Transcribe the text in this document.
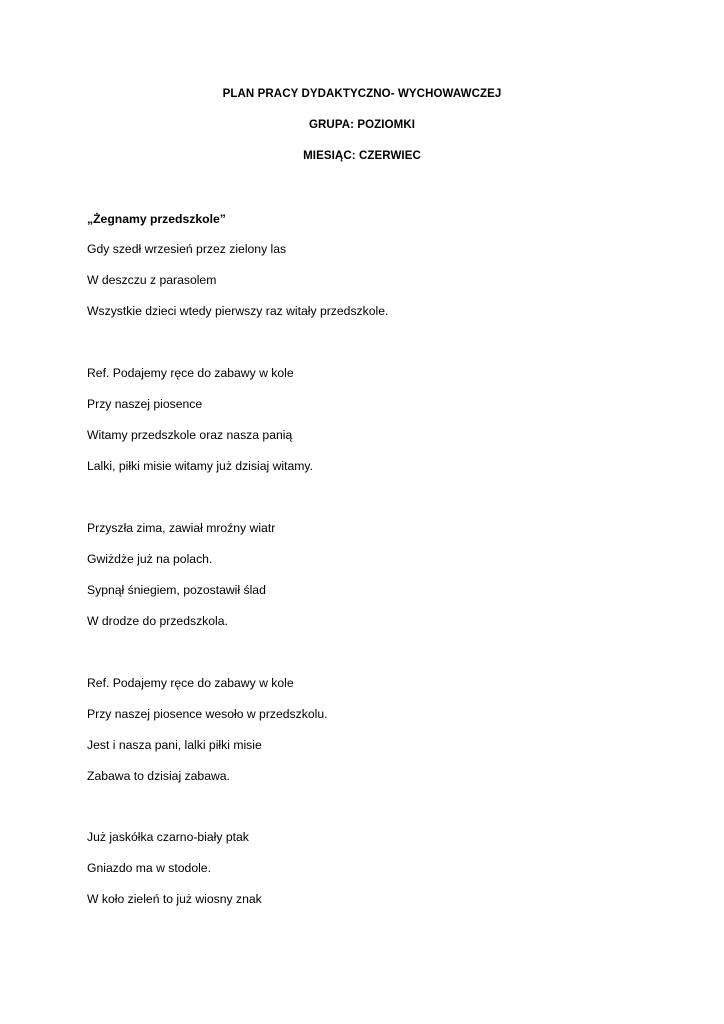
PLAN PRACY DYDAKTYCZNO- WYCHOWAWCZEJ
GRUPA: POZIOMKI
MIESIĄC: CZERWIEC
„Żegnamy przedszkole”
Gdy szedł wrzesień przez zielony las
W deszczu z parasolem
Wszystkie dzieci wtedy pierwszy raz witały przedszkole.
Ref. Podajemy ręce do zabawy w kole
Przy naszej piosence
Witamy przedszkole oraz nasza panią
Lalki, piłki misie witamy już dzisiaj witamy.
Przyszła zima, zawiał mroźny wiatr
Gwiżdże już na polach.
Sypnął śniegiem, pozostawił ślad
W drodze do przedszkola.
Ref. Podajemy ręce do zabawy w kole
Przy naszej piosence wesoło w przedszkolu.
Jest i nasza pani, lalki piłki misie
Zabawa to dzisiaj zabawa.
Już jaskółka czarno-biały ptak
Gniazdo ma w stodole.
W koło zieleń to już wiosny znak
